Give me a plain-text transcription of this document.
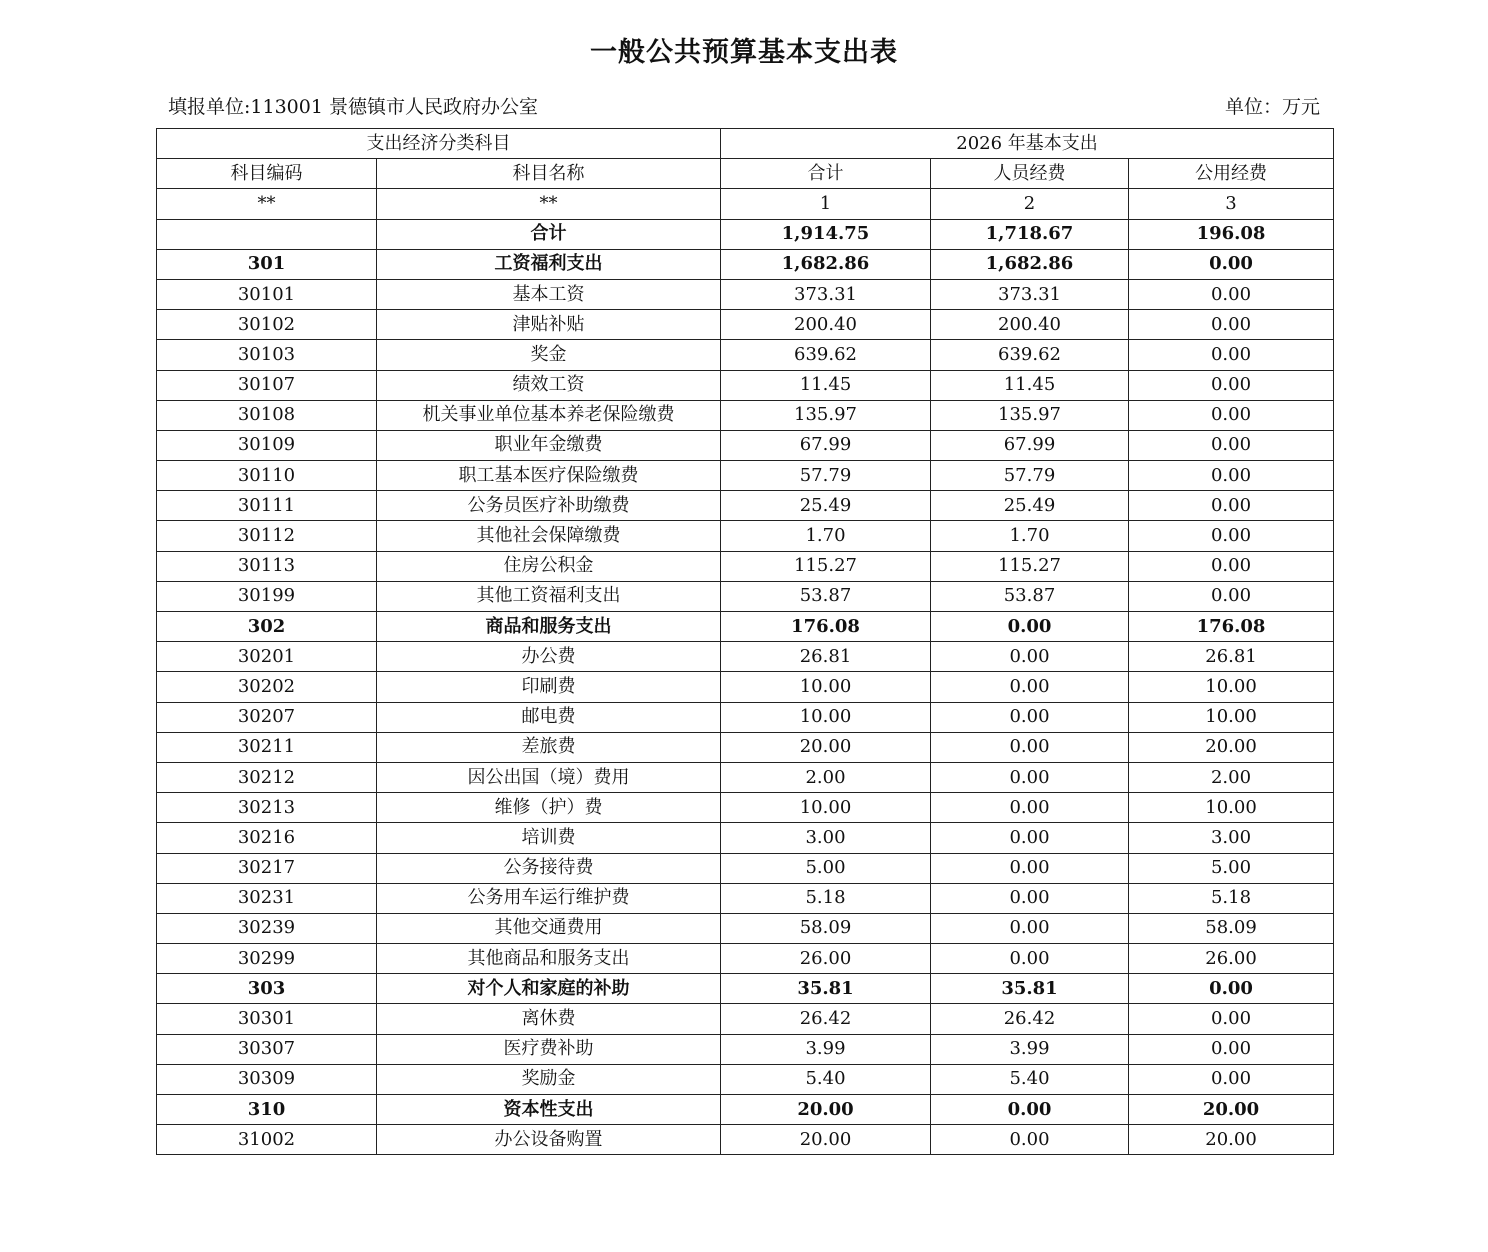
一般公共预算基本支出表
填报单位:113001 景德镇市人民政府办公室	单位：万元
支出经济分类科目		2026 年基本支出		
科目编码	科目名称	合计	人员经费	公用经费
**	**	1	2	3
	合计	1,914.75	1,718.67	196.08
301	工资福利支出	1,682.86	1,682.86	0.00
30101	基本工资	373.31	373.31	0.00
30102	津贴补贴	200.40	200.40	0.00
30103	奖金	639.62	639.62	0.00
30107	绩效工资	11.45	11.45	0.00
30108	机关事业单位基本养老保险缴费	135.97	135.97	0.00
30109	职业年金缴费	67.99	67.99	0.00
30110	职工基本医疗保险缴费	57.79	57.79	0.00
30111	公务员医疗补助缴费	25.49	25.49	0.00
30112	其他社会保障缴费	1.70	1.70	0.00
30113	住房公积金	115.27	115.27	0.00
30199	其他工资福利支出	53.87	53.87	0.00
302	商品和服务支出	176.08	0.00	176.08
30201	办公费	26.81	0.00	26.81
30202	印刷费	10.00	0.00	10.00
30207	邮电费	10.00	0.00	10.00
30211	差旅费	20.00	0.00	20.00
30212	因公出国（境）费用	2.00	0.00	2.00
30213	维修（护）费	10.00	0.00	10.00
30216	培训费	3.00	0.00	3.00
30217	公务接待费	5.00	0.00	5.00
30231	公务用车运行维护费	5.18	0.00	5.18
30239	其他交通费用	58.09	0.00	58.09
30299	其他商品和服务支出	26.00	0.00	26.00
303	对个人和家庭的补助	35.81	35.81	0.00
30301	离休费	26.42	26.42	0.00
30307	医疗费补助	3.99	3.99	0.00
30309	奖励金	5.40	5.40	0.00
310	资本性支出	20.00	0.00	20.00
31002	办公设备购置	20.00	0.00	20.00
